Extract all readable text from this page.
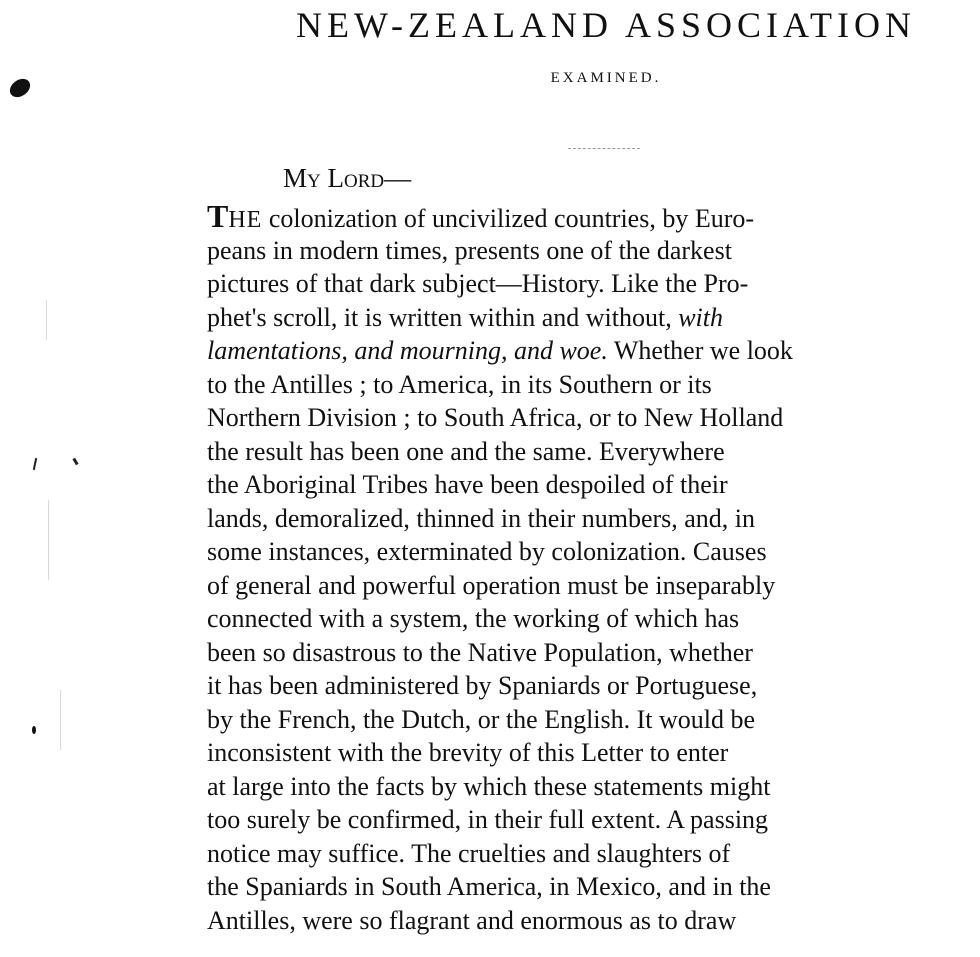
NEW-ZEALAND ASSOCIATION
EXAMINED.
My Lord—
THE colonization of uncivilized countries, by Euro-
peans in modern times, presents one of the darkest
pictures of that dark subject—History. Like the Pro-
phet's scroll, it is written within and without, with
lamentations, and mourning, and woe. Whether we look
to the Antilles ; to America, in its Southern or its
Northern Division ; to South Africa, or to New Holland
the result has been one and the same. Everywhere
the Aboriginal Tribes have been despoiled of their
lands, demoralized, thinned in their numbers, and, in
some instances, exterminated by colonization. Causes
of general and powerful operation must be inseparably
connected with a system, the working of which has
been so disastrous to the Native Population, whether
it has been administered by Spaniards or Portuguese,
by the French, the Dutch, or the English. It would be
inconsistent with the brevity of this Letter to enter
at large into the facts by which these statements might
too surely be confirmed, in their full extent. A passing
notice may suffice. The cruelties and slaughters of
the Spaniards in South America, in Mexico, and in the
Antilles, were so flagrant and enormous as to draw
